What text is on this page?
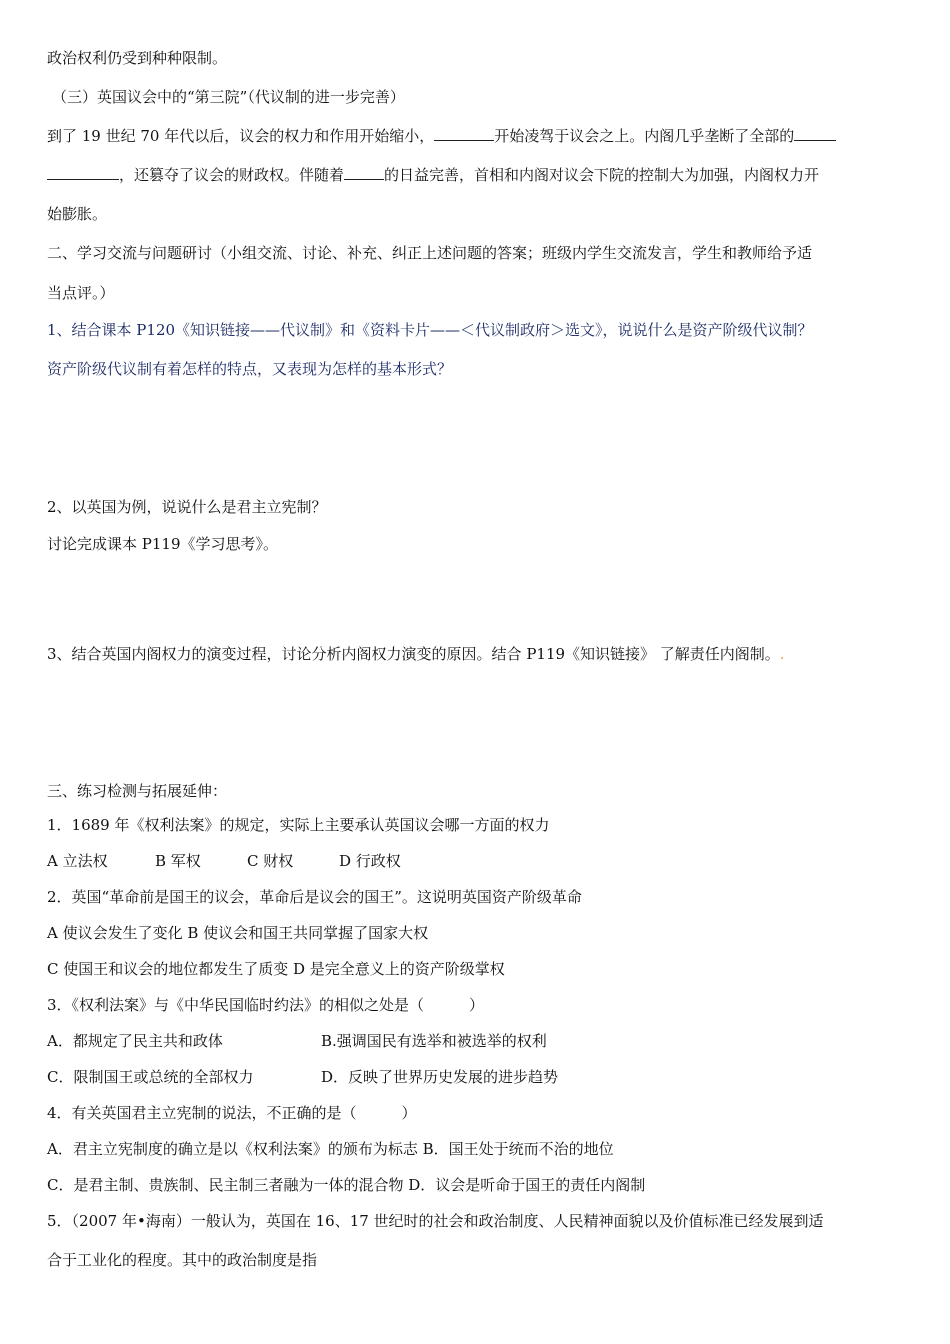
政治权利仍受到种种限制。
（三）英国议会中的“第三院”（代议制的进一步完善）
到了 19 世纪 70 年代以后，议会的权力和作用开始缩小，	开始凌驾于议会之上。内阁几乎垄断了全部的
，还篡夺了议会的财政权。伴随着	的日益完善，首相和内阁对议会下院的控制大为加强，内阁权力开
始膨胀。
二、学习交流与问题研讨（小组交流、讨论、补充、纠正上述问题的答案；班级内学生交流发言，学生和教师给予适
当点评。）
1、结合课本 P120《知识链接——代议制》和《资料卡片——＜代议制政府＞选文》，说说什么是资产阶级代议制？
资产阶级代议制有着怎样的特点，又表现为怎样的基本形式？
2、以英国为例，说说什么是君主立宪制？
讨论完成课本 P119《学习思考》。
3、结合英国内阁权力的演变过程，讨论分析内阁权力演变的原因。结合 P119《知识链接》 了解责任内阁制。.
三、练习检测与拓展延伸：
1．1689 年《权利法案》的规定，实际上主要承认英国议会哪一方面的权力
A 立法权	B 军权	C 财权	D 行政权
2．英国“革命前是国王的议会，革命后是议会的国王”。这说明英国资产阶级革命
A 使议会发生了变化 B 使议会和国王共同掌握了国家大权
C 使国王和议会的地位都发生了质变 D 是完全意义上的资产阶级掌权
3．《权利法案》与《中华民国临时约法》的相似之处是（　　　）
A．都规定了民主共和政体	B.强调国民有选举和被选举的权利
C．限制国王或总统的全部权力	D．反映了世界历史发展的进步趋势
4．有关英国君主立宪制的说法，不正确的是（　　　）
A．君主立宪制度的确立是以《权利法案》的颁布为标志 B．国王处于统而不治的地位
C．是君主制、贵族制、民主制三者融为一体的混合物 D．议会是听命于国王的责任内阁制
5．（2007 年•海南）一般认为，英国在 16、17 世纪时的社会和政治制度、人民精神面貌以及价值标准已经发展到适
合于工业化的程度。其中的政治制度是指
